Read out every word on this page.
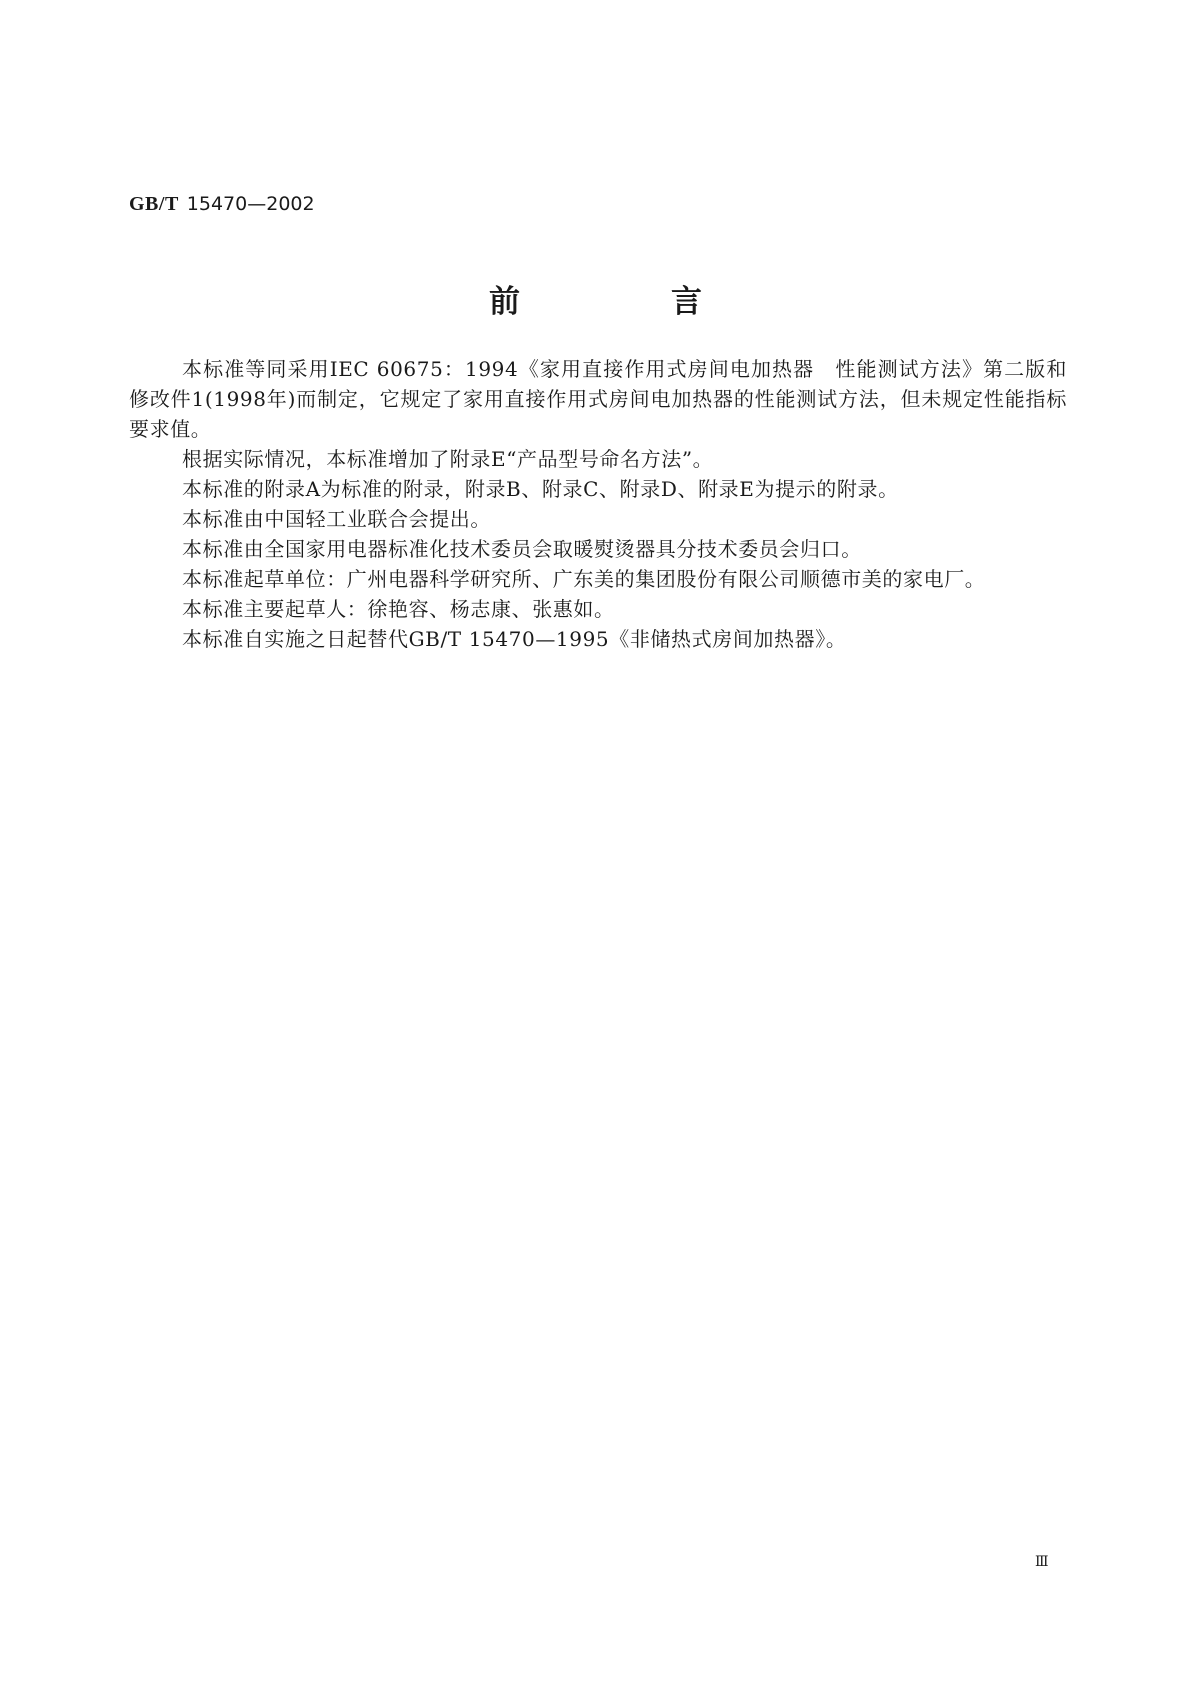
GB/T 15470—2002
前　言

本标准等同采用IEC 60675：1994《家用直接作用式房间电加热器　性能测试方法》第二版和修改件1(1998年)而制定，它规定了家用直接作用式房间电加热器的性能测试方法，但未规定性能指标要求值。

根据实际情况，本标准增加了附录E“产品型号命名方法”。

本标准的附录A为标准的附录，附录B、附录C、附录D、附录E为提示的附录。

本标准由中国轻工业联合会提出。

本标准由全国家用电器标准化技术委员会取暖熨烫器具分技术委员会归口。

本标准起草单位：广州电器科学研究所、广东美的集团股份有限公司顺德市美的家电厂。

本标准主要起草人：徐艳容、杨志康、张惠如。

本标准自实施之日起替代GB/T 15470—1995《非储热式房间加热器》。

Ⅲ
